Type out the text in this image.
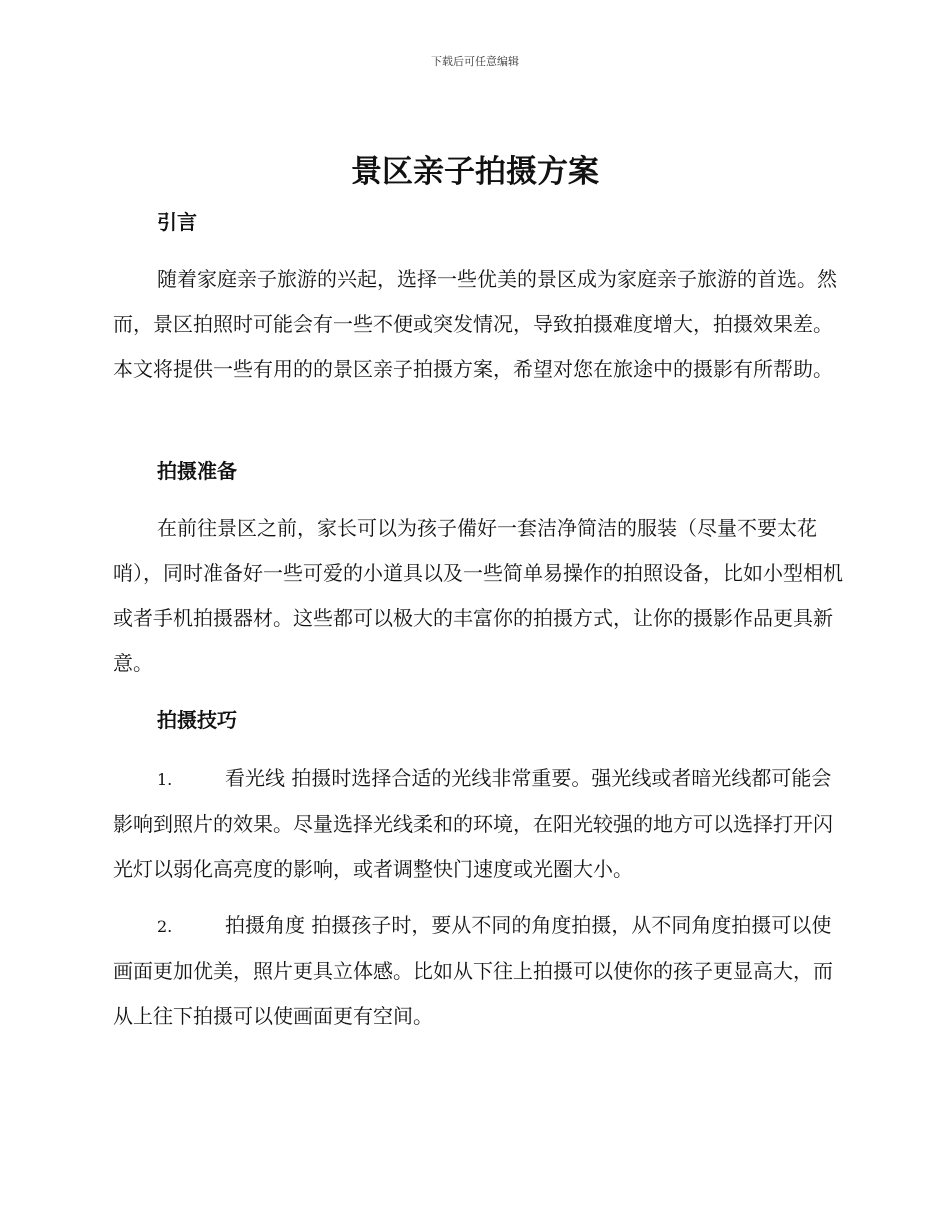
下载后可任意编辑
景区亲子拍摄方案
引言

随着家庭亲子旅游的兴起，选择一些优美的景区成为家庭亲子旅游的首选。然而，景区拍照时可能会有一些不便或突发情况，导致拍摄难度增大，拍摄效果差。本文将提供一些有用的的景区亲子拍摄方案，希望对您在旅途中的摄影有所帮助。

拍摄准备

在前往景区之前，家长可以为孩子備好一套洁净简洁的服装（尽量不要太花哨），同时准备好一些可爱的小道具以及一些简单易操作的拍照设备，比如小型相机或者手机拍摄器材。这些都可以极大的丰富你的拍摄方式，让你的摄影作品更具新意。

拍摄技巧

1.	看光线 拍摄时选择合适的光线非常重要。强光线或者暗光线都可能会影响到照片的效果。尽量选择光线柔和的环境，在阳光较强的地方可以选择打开闪光灯以弱化高亮度的影响，或者调整快门速度或光圈大小。

2.	拍摄角度 拍摄孩子时，要从不同的角度拍摄，从不同角度拍摄可以使画面更加优美，照片更具立体感。比如从下往上拍摄可以使你的孩子更显高大，而从上往下拍摄可以使画面更有空间。
